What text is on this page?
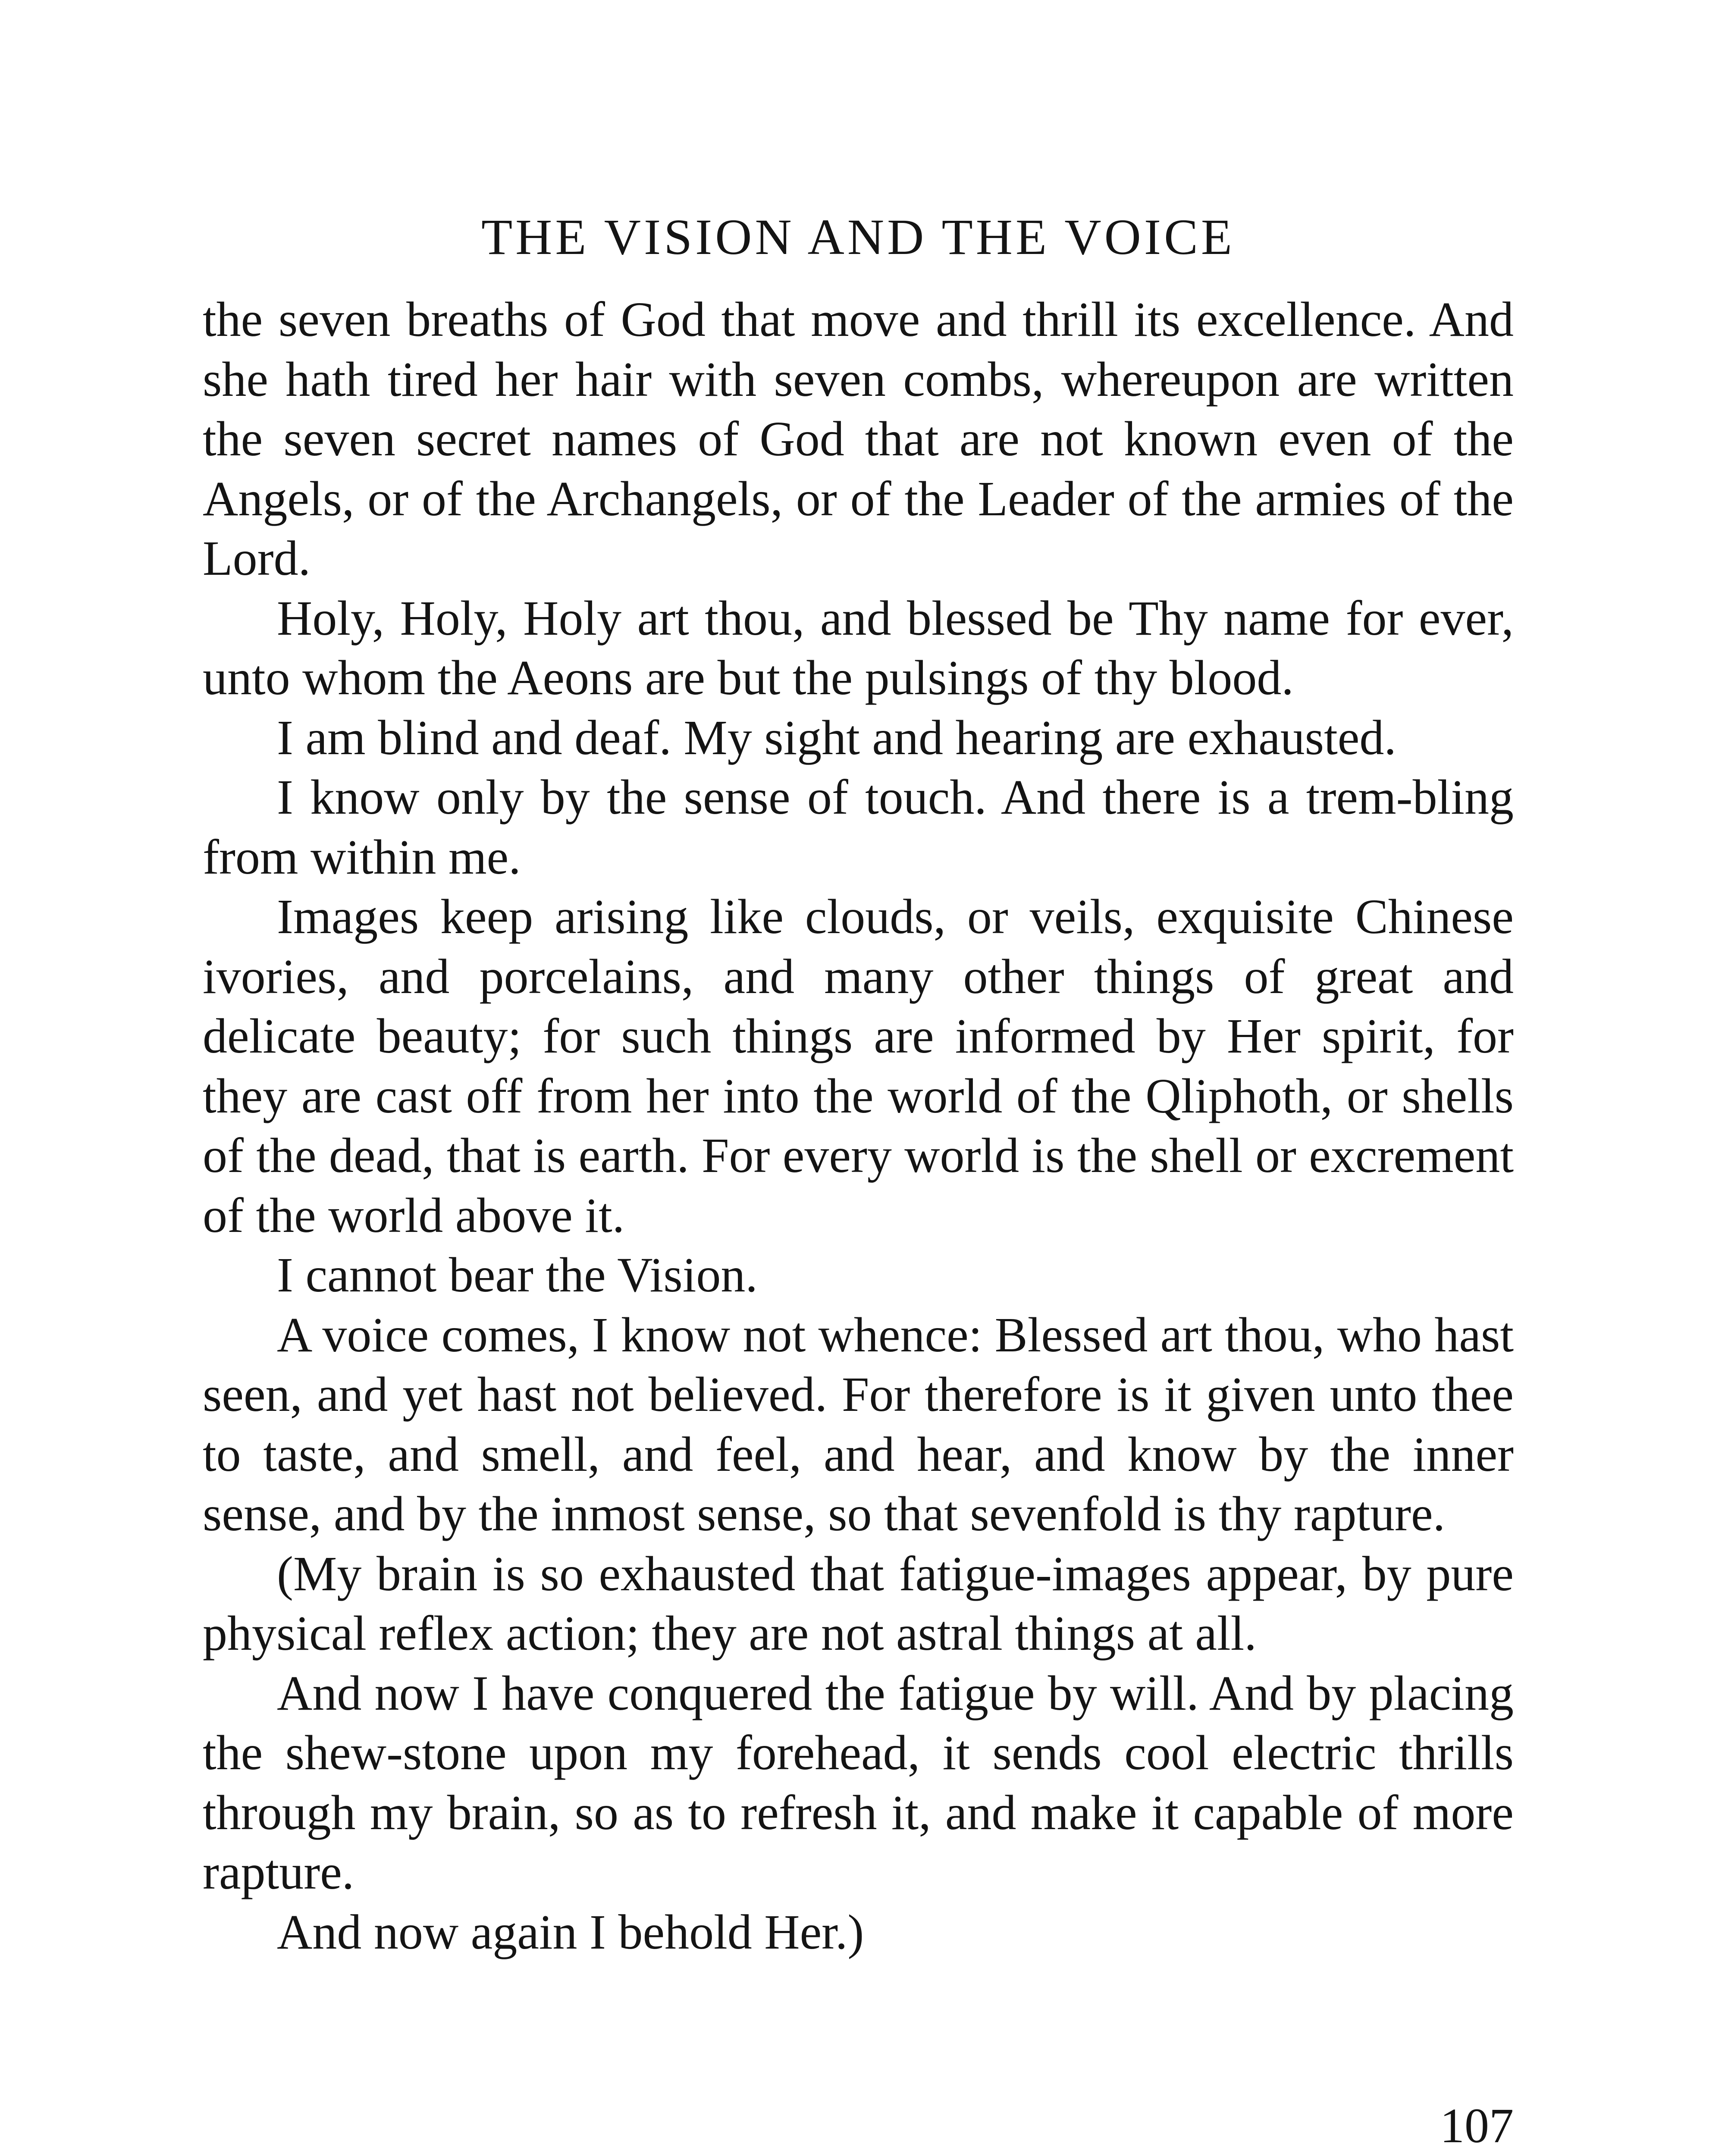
THE VISION AND THE VOICE

the seven breaths of God that move and thrill its excellence. And she hath tired her hair with seven combs, whereupon are written the seven secret names of God that are not known even of the Angels, or of the Archangels, or of the Leader of the armies of the Lord.

Holy, Holy, Holy art thou, and blessed be Thy name for ever, unto whom the Aeons are but the pulsings of thy blood.

I am blind and deaf. My sight and hearing are exhausted.

I know only by the sense of touch. And there is a trem-bling from within me.

Images keep arising like clouds, or veils, exquisite Chinese ivories, and porcelains, and many other things of great and delicate beauty; for such things are informed by Her spirit, for they are cast off from her into the world of the Qliphoth, or shells of the dead, that is earth. For every world is the shell or excrement of the world above it.

I cannot bear the Vision.

A voice comes, I know not whence: Blessed art thou, who hast seen, and yet hast not believed. For therefore is it given unto thee to taste, and smell, and feel, and hear, and know by the inner sense, and by the inmost sense, so that sevenfold is thy rapture.

(My brain is so exhausted that fatigue-images appear, by pure physical reflex action; they are not astral things at all.

And now I have conquered the fatigue by will. And by placing the shew-stone upon my forehead, it sends cool electric thrills through my brain, so as to refresh it, and make it capable of more rapture.

And now again I behold Her.)

107
